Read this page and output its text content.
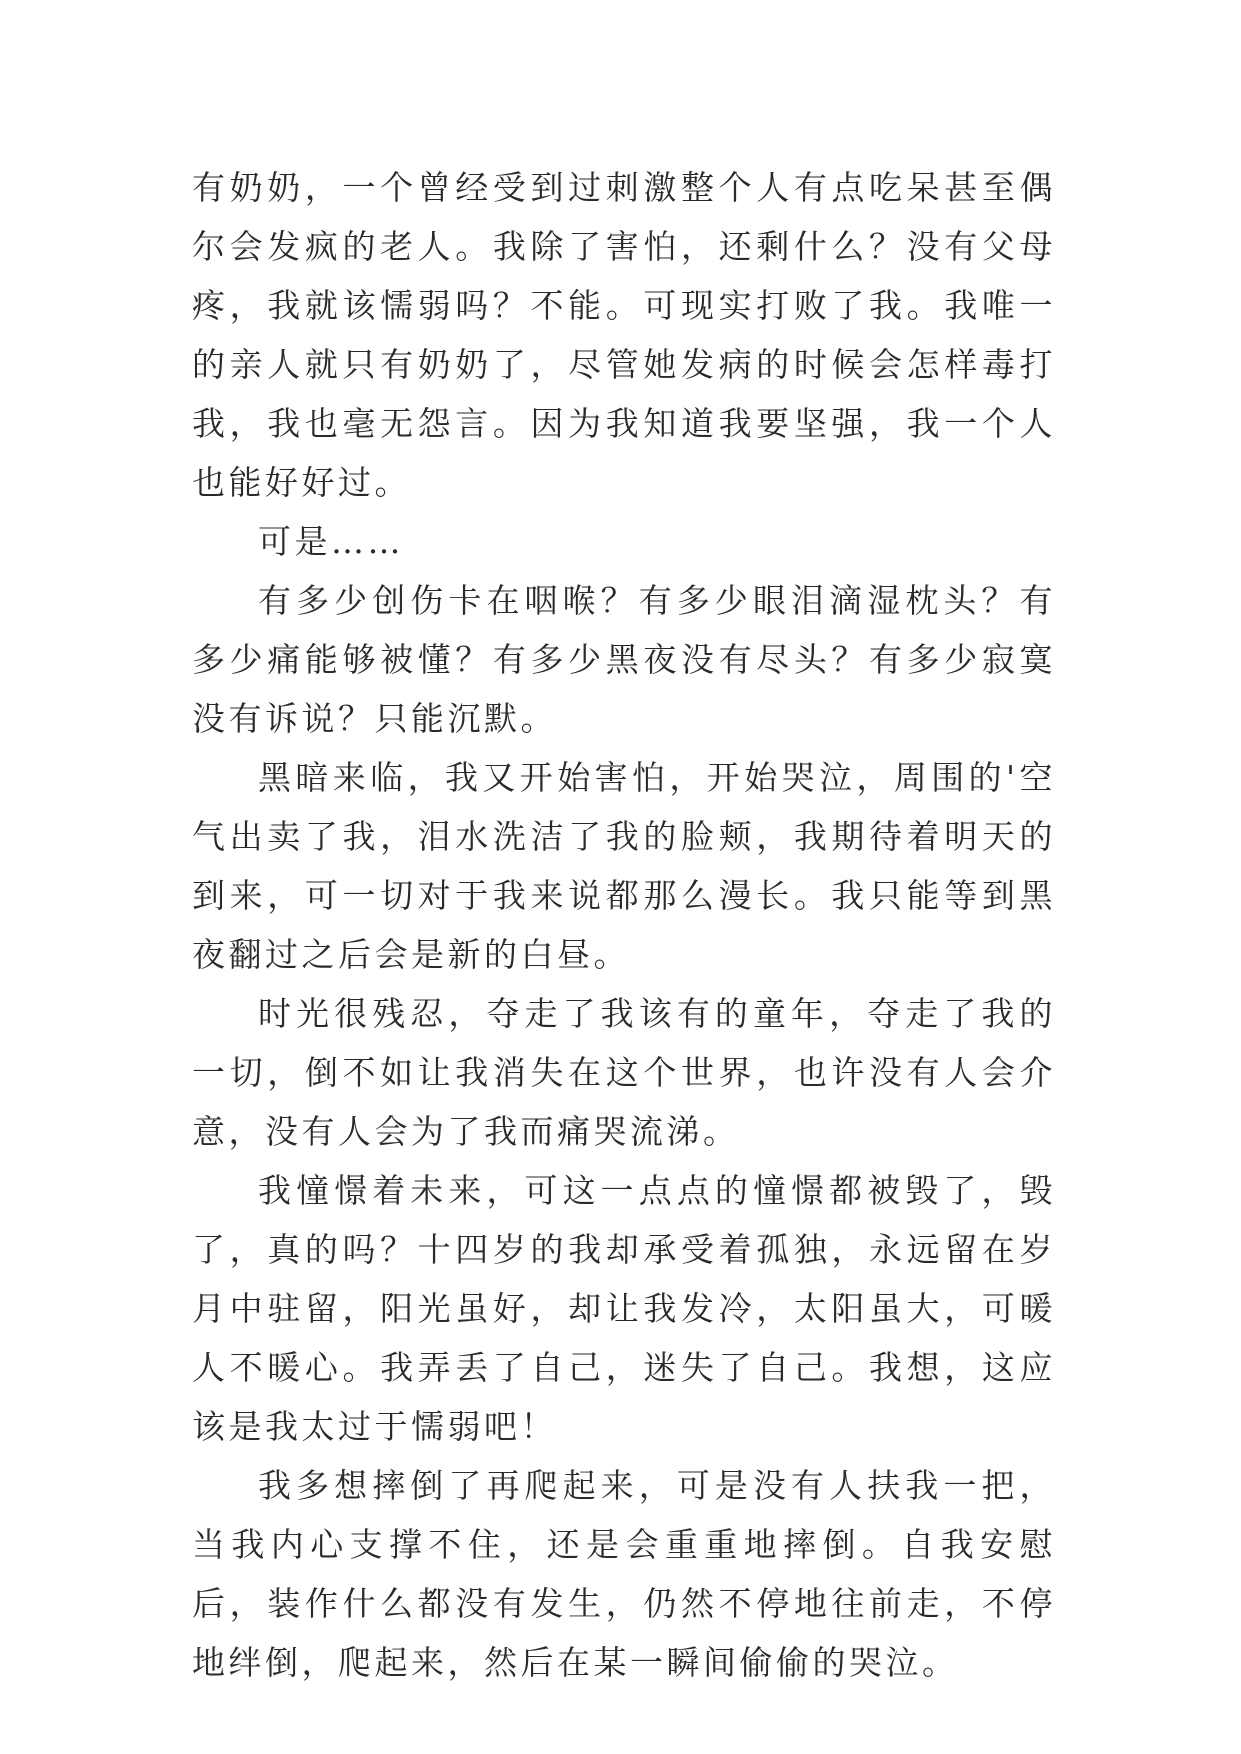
有奶奶，一个曾经受到过刺激整个人有点吃呆甚至偶尔会发疯的老人。我除了害怕，还剩什么？没有父母疼，我就该懦弱吗？不能。可现实打败了我。我唯一的亲人就只有奶奶了，尽管她发病的时候会怎样毒打我，我也毫无怨言。因为我知道我要坚强，我一个人也能好好过。

可是……

有多少创伤卡在咽喉？有多少眼泪滴湿枕头？有多少痛能够被懂？有多少黑夜没有尽头？有多少寂寞没有诉说？只能沉默。

黑暗来临，我又开始害怕，开始哭泣，周围的'空气出卖了我，泪水洗洁了我的脸颊，我期待着明天的到来，可一切对于我来说都那么漫长。我只能等到黑夜翻过之后会是新的白昼。

时光很残忍，夺走了我该有的童年，夺走了我的一切，倒不如让我消失在这个世界，也许没有人会介意，没有人会为了我而痛哭流涕。

我憧憬着未来，可这一点点的憧憬都被毁了，毁了，真的吗？十四岁的我却承受着孤独，永远留在岁月中驻留，阳光虽好，却让我发冷，太阳虽大，可暖人不暖心。我弄丢了自己，迷失了自己。我想，这应该是我太过于懦弱吧！

我多想摔倒了再爬起来，可是没有人扶我一把，当我内心支撑不住，还是会重重地摔倒。自我安慰后，装作什么都没有发生，仍然不停地往前走，不停地绊倒，爬起来，然后在某一瞬间偷偷的哭泣。
